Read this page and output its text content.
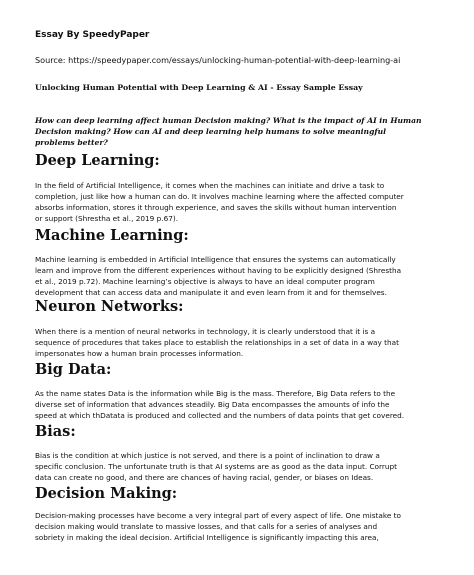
Essay By SpeedyPaper
Source: https://speedypaper.com/essays/unlocking-human-potential-with-deep-learning-ai
Unlocking Human Potential with Deep Learning & AI - Essay Sample Essay
How can deep learning affect human Decision making? What is the impact of AI in Human
Decision making? How can AI and deep learning help humans to solve meaningful
problems better?
Deep Learning:
In the field of Artificial Intelligence, it comes when the machines can initiate and drive a task to
completion, just like how a human can do. It involves machine learning where the affected computer
absorbs information, stores it through experience, and saves the skills without human intervention
or support (Shrestha et al., 2019 p.67).
Machine Learning:
Machine learning is embedded in Artificial Intelligence that ensures the systems can automatically
learn and improve from the different experiences without having to be explicitly designed (Shrestha
et al., 2019 p.72). Machine learning’s objective is always to have an ideal computer program
development that can access data and manipulate it and even learn from it and for themselves.
Neuron Networks:
When there is a mention of neural networks in technology, it is clearly understood that it is a
sequence of procedures that takes place to establish the relationships in a set of data in a way that
impersonates how a human brain processes information.
Big Data:
As the name states Data is the information while Big is the mass. Therefore, Big Data refers to the
diverse set of information that advances steadily. Big Data encompasses the amounts of info the
speed at which thDatata is produced and collected and the numbers of data points that get covered.
Bias:
Bias is the condition at which justice is not served, and there is a point of inclination to draw a
specific conclusion. The unfortunate truth is that AI systems are as good as the data input. Corrupt
data can create no good, and there are chances of having racial, gender, or biases on Ideas.
Decision Making:
Decision-making processes have become a very integral part of every aspect of life. One mistake to
decision making would translate to massive losses, and that calls for a series of analyses and
sobriety in making the ideal decision. Artificial Intelligence is significantly impacting this area,
